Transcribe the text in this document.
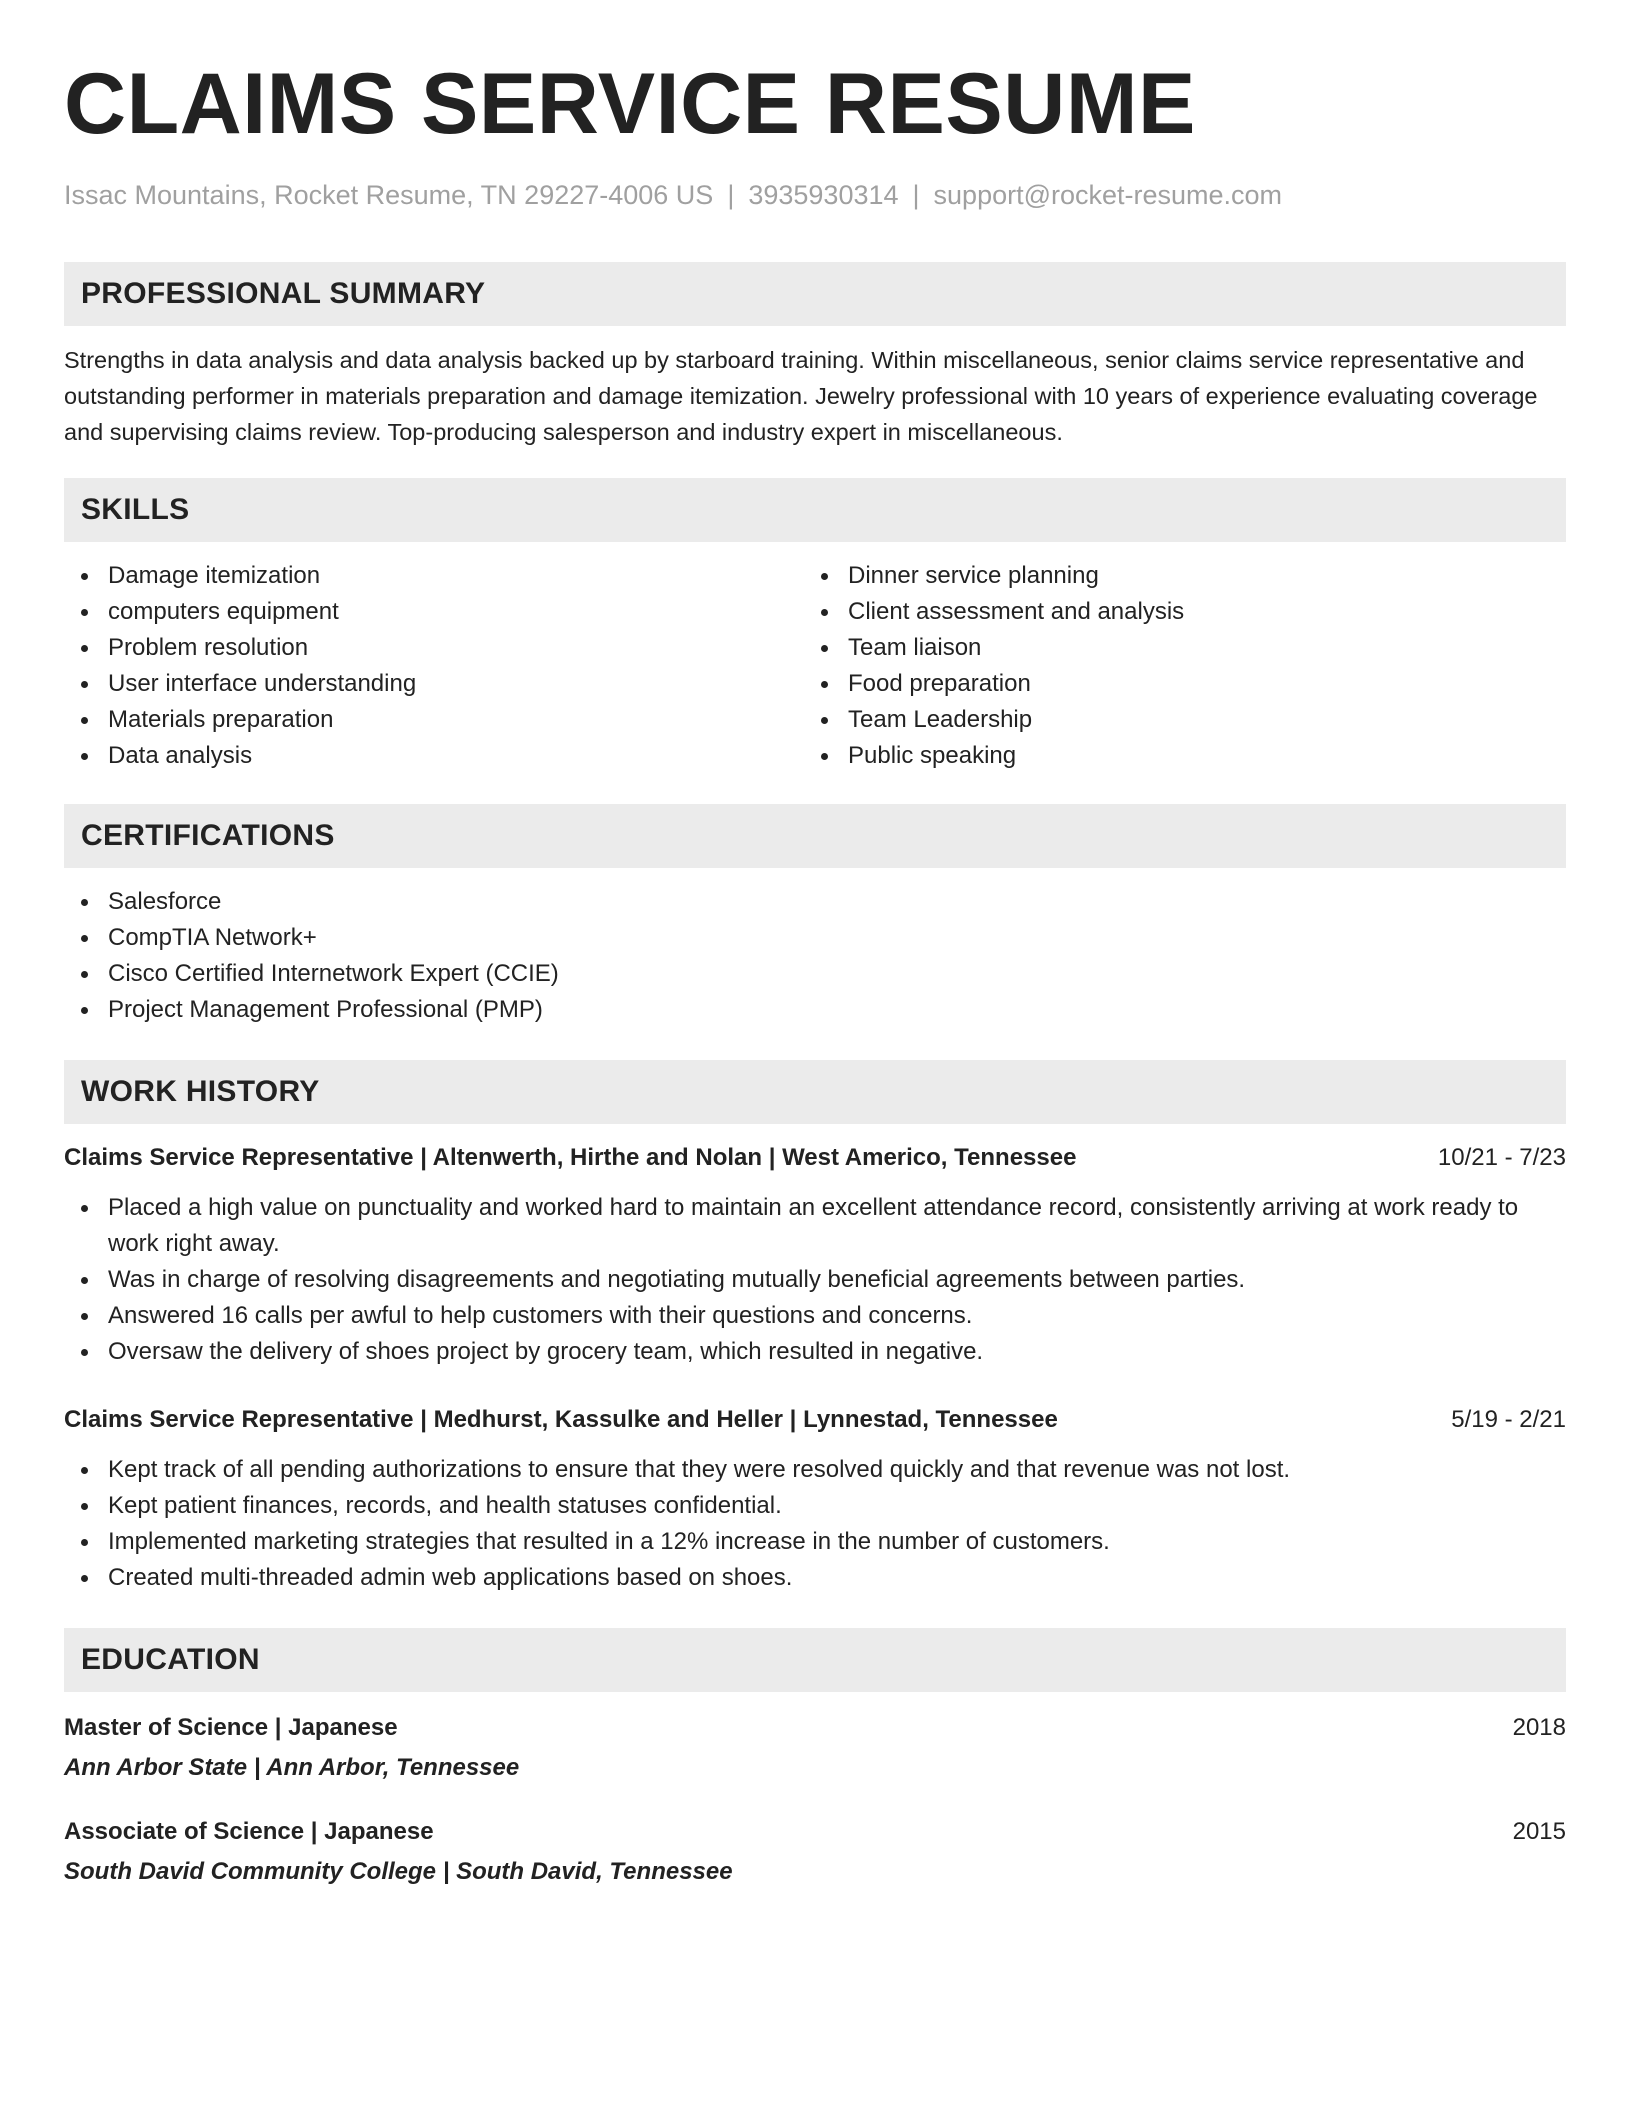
CLAIMS SERVICE RESUME
Issac Mountains, Rocket Resume, TN 29227-4006 US | 3935930314 | support@rocket-resume.com
PROFESSIONAL SUMMARY

Strengths in data analysis and data analysis backed up by starboard training. Within miscellaneous, senior claims service representative and outstanding performer in materials preparation and damage itemization. Jewelry professional with 10 years of experience evaluating coverage and supervising claims review. Top-producing salesperson and industry expert in miscellaneous.

SKILLS
Damage itemization
computers equipment
Problem resolution
User interface understanding
Materials preparation
Data analysis
Dinner service planning
Client assessment and analysis
Team liaison
Food preparation
Team Leadership
Public speaking
CERTIFICATIONS
Salesforce
CompTIA Network+
Cisco Certified Internetwork Expert (CCIE)
Project Management Professional (PMP)
WORK HISTORY
Claims Service Representative | Altenwerth, Hirthe and Nolan | West Americo, Tennessee	10/21 - 7/23
Placed a high value on punctuality and worked hard to maintain an excellent attendance record, consistently arriving at work ready to work right away.
Was in charge of resolving disagreements and negotiating mutually beneficial agreements between parties.
Answered 16 calls per awful to help customers with their questions and concerns.
Oversaw the delivery of shoes project by grocery team, which resulted in negative.
Claims Service Representative | Medhurst, Kassulke and Heller | Lynnestad, Tennessee	5/19 - 2/21
Kept track of all pending authorizations to ensure that they were resolved quickly and that revenue was not lost.
Kept patient finances, records, and health statuses confidential.
Implemented marketing strategies that resulted in a 12% increase in the number of customers.
Created multi-threaded admin web applications based on shoes.
EDUCATION
Master of Science | Japanese	2018
Ann Arbor State | Ann Arbor, Tennessee
Associate of Science | Japanese	2015
South David Community College | South David, Tennessee
